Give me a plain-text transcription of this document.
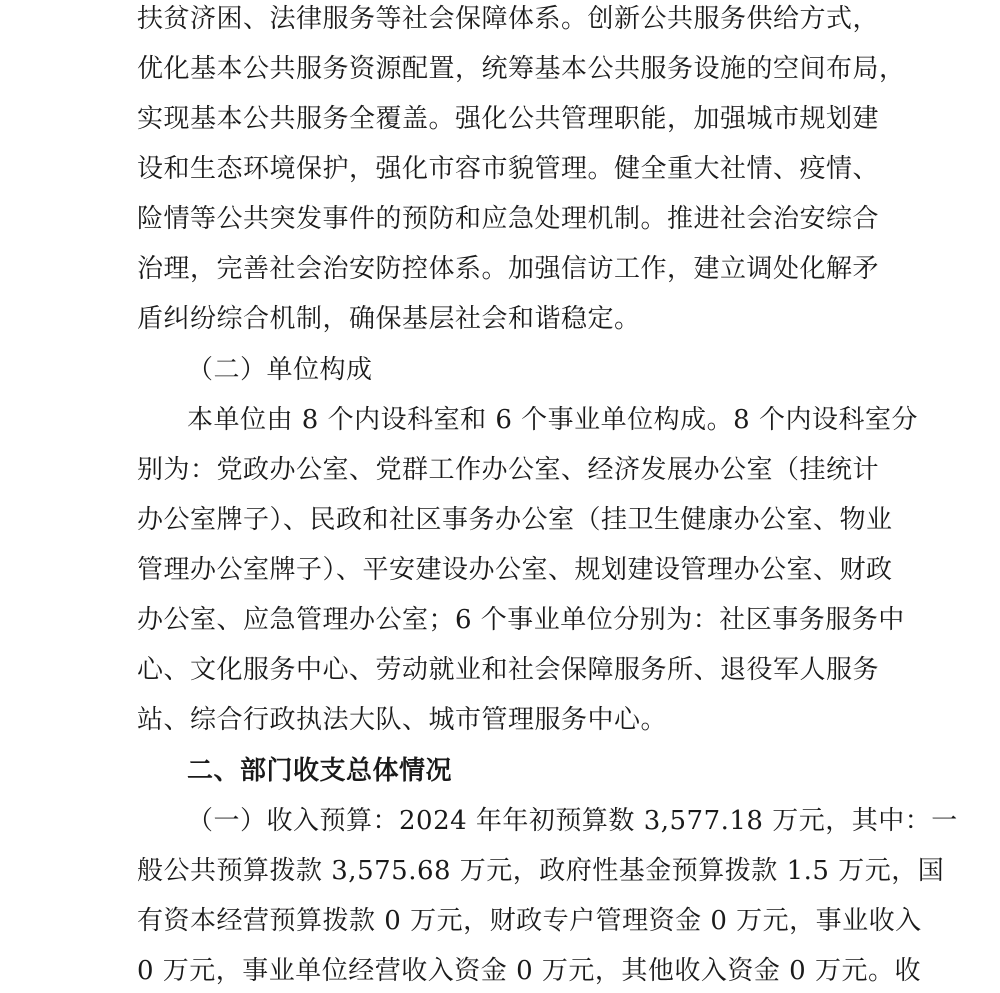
扶贫济困、法律服务等社会保障体系。创新公共服务供给方式，
优化基本公共服务资源配置，统筹基本公共服务设施的空间布局，
实现基本公共服务全覆盖。强化公共管理职能，加强城市规划建
设和生态环境保护，强化市容市貌管理。健全重大社情、疫情、
险情等公共突发事件的预防和应急处理机制。推进社会治安综合
治理，完善社会治安防控体系。加强信访工作，建立调处化解矛
盾纠纷综合机制，确保基层社会和谐稳定。
（二）单位构成
本单位由 8 个内设科室和 6 个事业单位构成。8 个内设科室分
别为：党政办公室、党群工作办公室、经济发展办公室（挂统计
办公室牌子）、民政和社区事务办公室（挂卫生健康办公室、物业
管理办公室牌子）、平安建设办公室、规划建设管理办公室、财政
办公室、应急管理办公室；6 个事业单位分别为：社区事务服务中
心、文化服务中心、劳动就业和社会保障服务所、退役军人服务
站、综合行政执法大队、城市管理服务中心。
二、部门收支总体情况
（一）收入预算：2024 年年初预算数 3,577.18 万元，其中：一
般公共预算拨款 3,575.68 万元，政府性基金预算拨款 1.5 万元，国
有资本经营预算拨款 0 万元，财政专户管理资金 0 万元，事业收入
0 万元，事业单位经营收入资金 0 万元，其他收入资金 0 万元。收
